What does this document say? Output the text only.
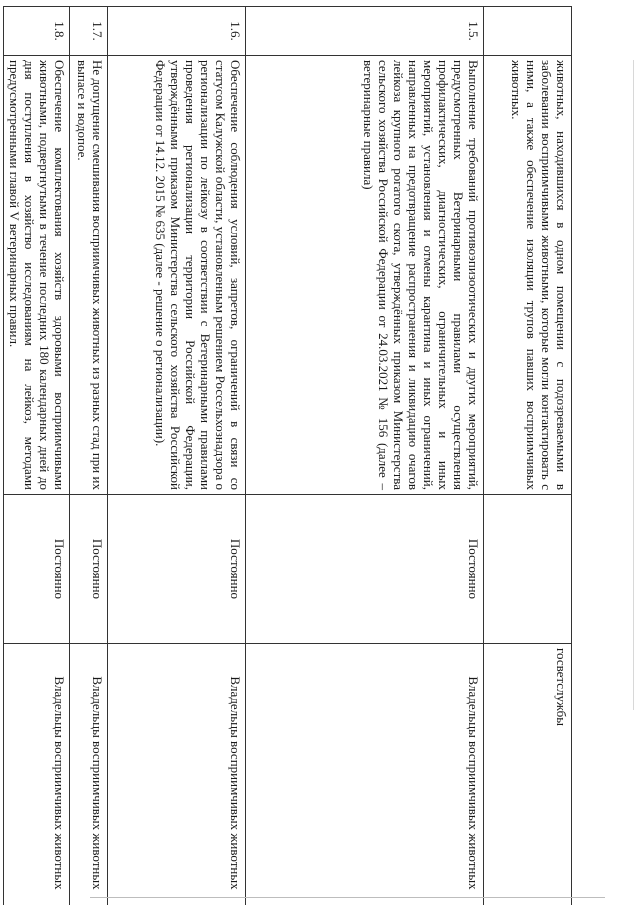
	животных, находившихся в одном помещении с подозреваемыми в заболевании восприимчивыми животными, которые могли контактировать с ними, а также обеспечение изоляции трупов павших восприимчивых животных.		госветслужбы
1.5.	Выполнение требований противоэпизоотических и других мероприятий, предусмотренных Ветеринарными правилами осуществления профилактических, диагностических, ограничительных и иных мероприятий, установления и отмены карантина и иных ограничений, направленных на предотвращение распространения и ликвидацию очагов лейкоза крупного рогатого скота, утверждённых приказом Министерства сельского хозяйства Российской Федерации от 24.03.2021 № 156 (далее – ветеринарные правила)	Постоянно	Владельцы восприимчивых животных
1.6.	Обеспечение соблюдения условий, запретов, ограничений в связи со статусом Калужской области, установленным решением Россельхознадзора о регионализации по лейкозу в соответствии с Ветеринарными правилами проведения регионализации территории Российской Федерации, утверждёнными приказом Министерства сельского хозяйства Российской Федерации от 14.12. 2015 № 635 (далее - решение о регионализации).	Постоянно	Владельцы восприимчивых животных
1.7.	Не допущение смешивания восприимчивых животных из разных стад при их выпасе и водопое.	Постоянно	Владельцы восприимчивых животных
1.8.	Обеспечение комплектования хозяйств здоровыми восприимчивыми животными, подвергнутыми в течение последних 180 календарных дней до дня поступления в хозяйство исследованиям на лейкоз, методами предусмотренными главой V ветеринарных правил.	Постоянно	Владельцы восприимчивых животных
